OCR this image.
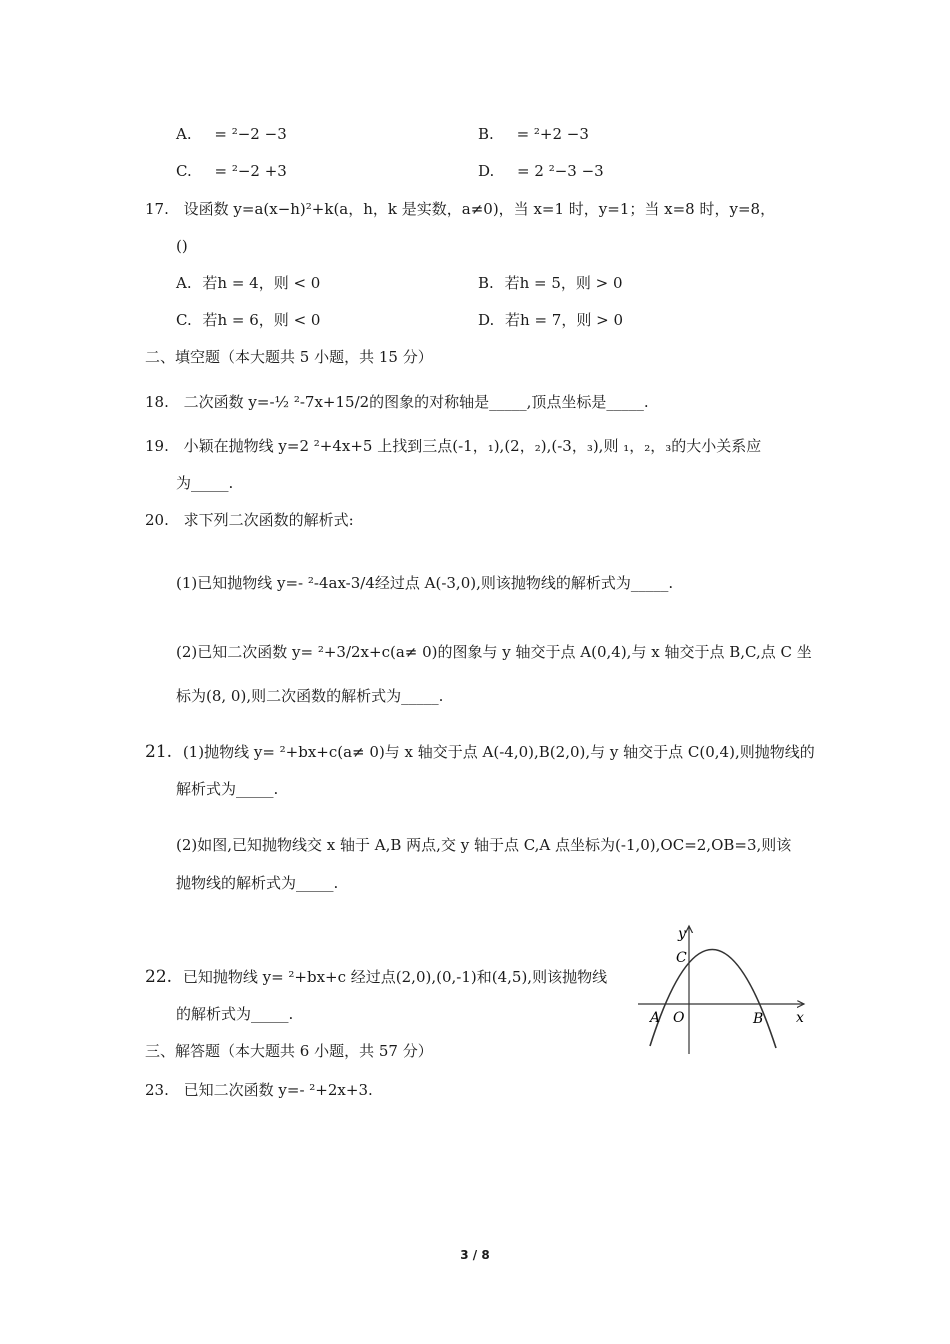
A. = ²−2 −3	B. = ²+2 −3
C. = ²−2 +3	D. = 2 ²−3 −3
17. 设函数 y=a(x−h)²+k(a，h，k 是实数，a≠0)，当 x=1 时，y=1；当 x=8 时，y=8，
()
A. 若h = 4，则 < 0	B. 若h = 5，则 > 0
C. 若h = 6，则 < 0	D. 若h = 7，则 > 0
二、填空题（本大题共 5 小题，共 15 分）
18. 二次函数 y=-½ ²-7x+15/2的图象的对称轴是_____,顶点坐标是_____.
19. 小颖在抛物线 y=2 ²+4x+5 上找到三点(-1，₁),(2，₂),(-3，₃),则 ₁，₂，₃的大小关系应
为_____.
20. 求下列二次函数的解析式:
(1)已知抛物线 y=- ²-4ax-3/4经过点 A(-3,0),则该抛物线的解析式为_____.
(2)已知二次函数 y= ²+3/2x+c(a≠ 0)的图象与 y 轴交于点 A(0,4),与 x 轴交于点 B,C,点 C 坐
标为(8, 0),则二次函数的解析式为_____.
21. (1)抛物线 y= ²+bx+c(a≠ 0)与 x 轴交于点 A(-4,0),B(2,0),与 y 轴交于点 C(0,4),则抛物线的
解析式为_____.
(2)如图,已知抛物线交 x 轴于 A,B 两点,交 y 轴于点 C,A 点坐标为(-1,0),OC=2,OB=3,则该
抛物线的解析式为_____.
22. 已知抛物线 y= ²+bx+c 经过点(2,0),(0,-1)和(4,5),则该抛物线
的解析式为_____.
三、解答题（本大题共 6 小题，共 57 分）
23. 已知二次函数 y=- ²+2x+3.
y
x
C
A O	B
3 / 8
